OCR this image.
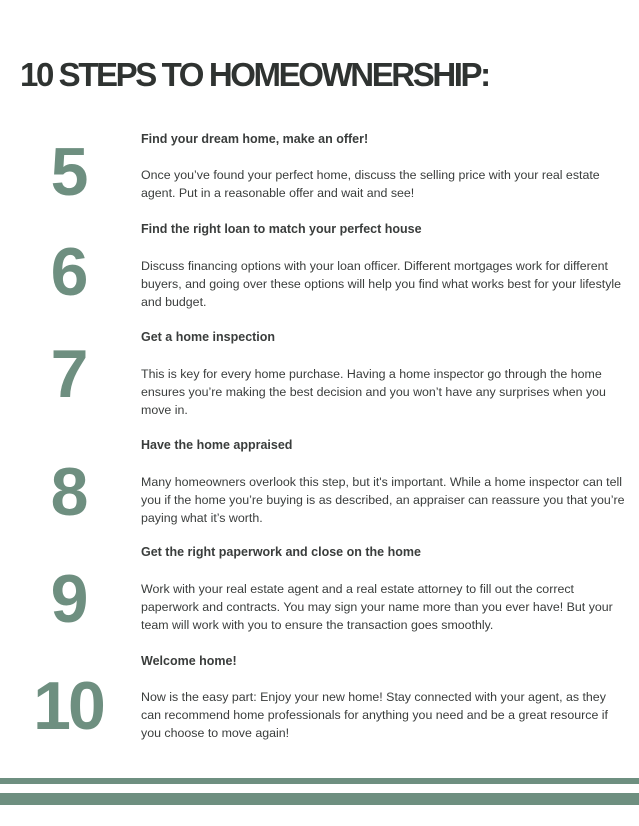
10 STEPS TO HOMEOWNERSHIP:
5	Find your dream home, make an offer!

Once you’ve found your perfect home, discuss the selling price with your real estate agent. Put in a reasonable offer and wait and see!

6

Find the right loan to match your perfect house

Discuss financing options with your loan officer. Different mortgages work for different buyers, and going over these options will help you find what works best for your lifestyle and budget.

7	Get a home inspection

This is key for every home purchase. Having a home inspector go through the home ensures you’re making the best decision and you won’t have any surprises when you move in.

8

Have the home appraised

Many homeowners overlook this step, but it's important. While a home inspector can tell you if the home you’re buying is as described, an appraiser can reassure you that you’re paying what it’s worth.

9

Get the right paperwork and close on the home

Work with your real estate agent and a real estate attorney to fill out the correct paperwork and contracts. You may sign your name more than you ever have! But your team will work with you to ensure the transaction goes smoothly.

10

Welcome home!

Now is the easy part: Enjoy your new home! Stay connected with your agent, as they can recommend home professionals for anything you need and be a great resource if you choose to move again!
